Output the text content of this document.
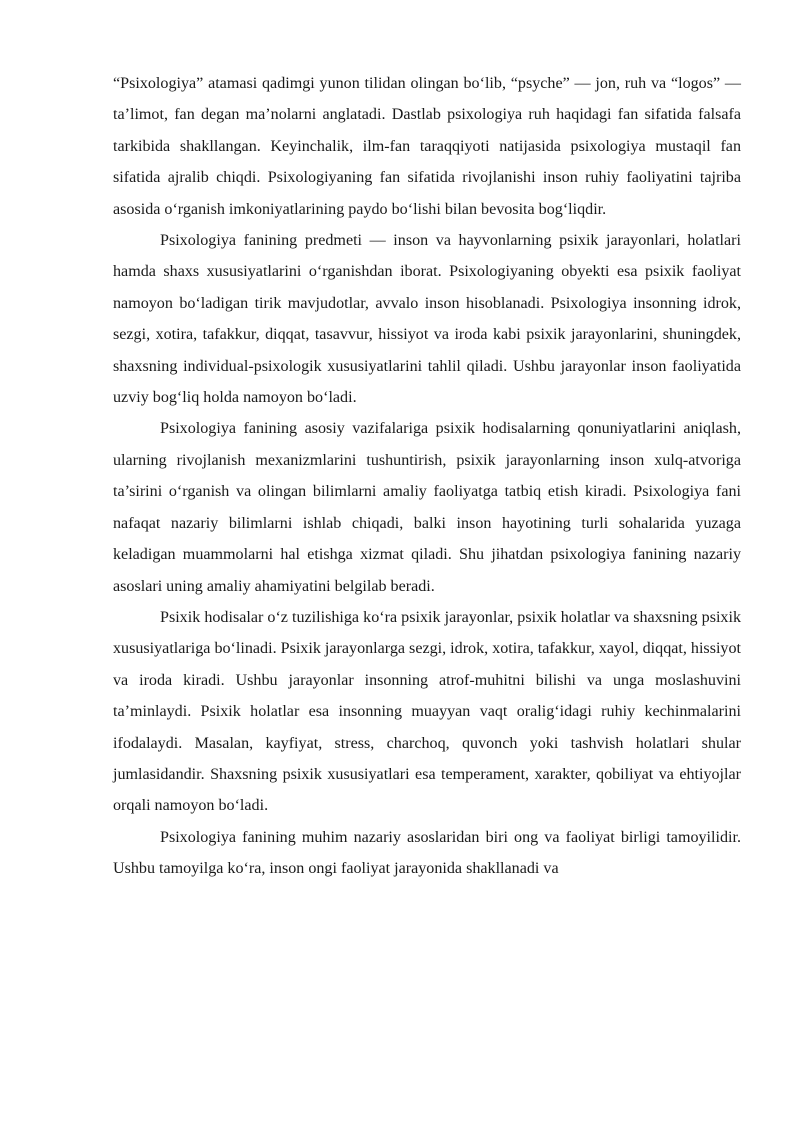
“Psixologiya” atamasi qadimgi yunon tilidan olingan bo‘lib, “psyche” — jon, ruh va “logos” — ta’limot, fan degan ma’nolarni anglatadi. Dastlab psixologiya ruh haqidagi fan sifatida falsafa tarkibida shakllangan. Keyinchalik, ilm-fan taraqqiyoti natijasida psixologiya mustaqil fan sifatida ajralib chiqdi. Psixologiyaning fan sifatida rivojlanishi inson ruhiy faoliyatini tajriba asosida o‘rganish imkoniyatlarining paydo bo‘lishi bilan bevosita bog‘liqdir.

Psixologiya fanining predmeti — inson va hayvonlarning psixik jarayonlari, holatlari hamda shaxs xususiyatlarini o‘rganishdan iborat. Psixologiyaning obyekti esa psixik faoliyat namoyon bo‘ladigan tirik mavjudotlar, avvalo inson hisoblanadi. Psixologiya insonning idrok, sezgi, xotira, tafakkur, diqqat, tasavvur, hissiyot va iroda kabi psixik jarayonlarini, shuningdek, shaxsning individual-psixologik xususiyatlarini tahlil qiladi. Ushbu jarayonlar inson faoliyatida uzviy bog‘liq holda namoyon bo‘ladi.

Psixologiya fanining asosiy vazifalariga psixik hodisalarning qonuniyatlarini aniqlash, ularning rivojlanish mexanizmlarini tushuntirish, psixik jarayonlarning inson xulq-atvoriga ta’sirini o‘rganish va olingan bilimlarni amaliy faoliyatga tatbiq etish kiradi. Psixologiya fani nafaqat nazariy bilimlarni ishlab chiqadi, balki inson hayotining turli sohalarida yuzaga keladigan muammolarni hal etishga xizmat qiladi. Shu jihatdan psixologiya fanining nazariy asoslari uning amaliy ahamiyatini belgilab beradi.

Psixik hodisalar o‘z tuzilishiga ko‘ra psixik jarayonlar, psixik holatlar va shaxsning psixik xususiyatlariga bo‘linadi. Psixik jarayonlarga sezgi, idrok, xotira, tafakkur, xayol, diqqat, hissiyot va iroda kiradi. Ushbu jarayonlar insonning atrof-muhitni bilishi va unga moslashuvini ta’minlaydi. Psixik holatlar esa insonning muayyan vaqt oralig‘idagi ruhiy kechinmalarini ifodalaydi. Masalan, kayfiyat, stress, charchoq, quvonch yoki tashvish holatlari shular jumlasidandir. Shaxsning psixik xususiyatlari esa temperament, xarakter, qobiliyat va ehtiyojlar orqali namoyon bo‘ladi.

Psixologiya fanining muhim nazariy asoslaridan biri ong va faoliyat birligi tamoyilidir. Ushbu tamoyilga ko‘ra, inson ongi faoliyat jarayonida shakllanadi va
